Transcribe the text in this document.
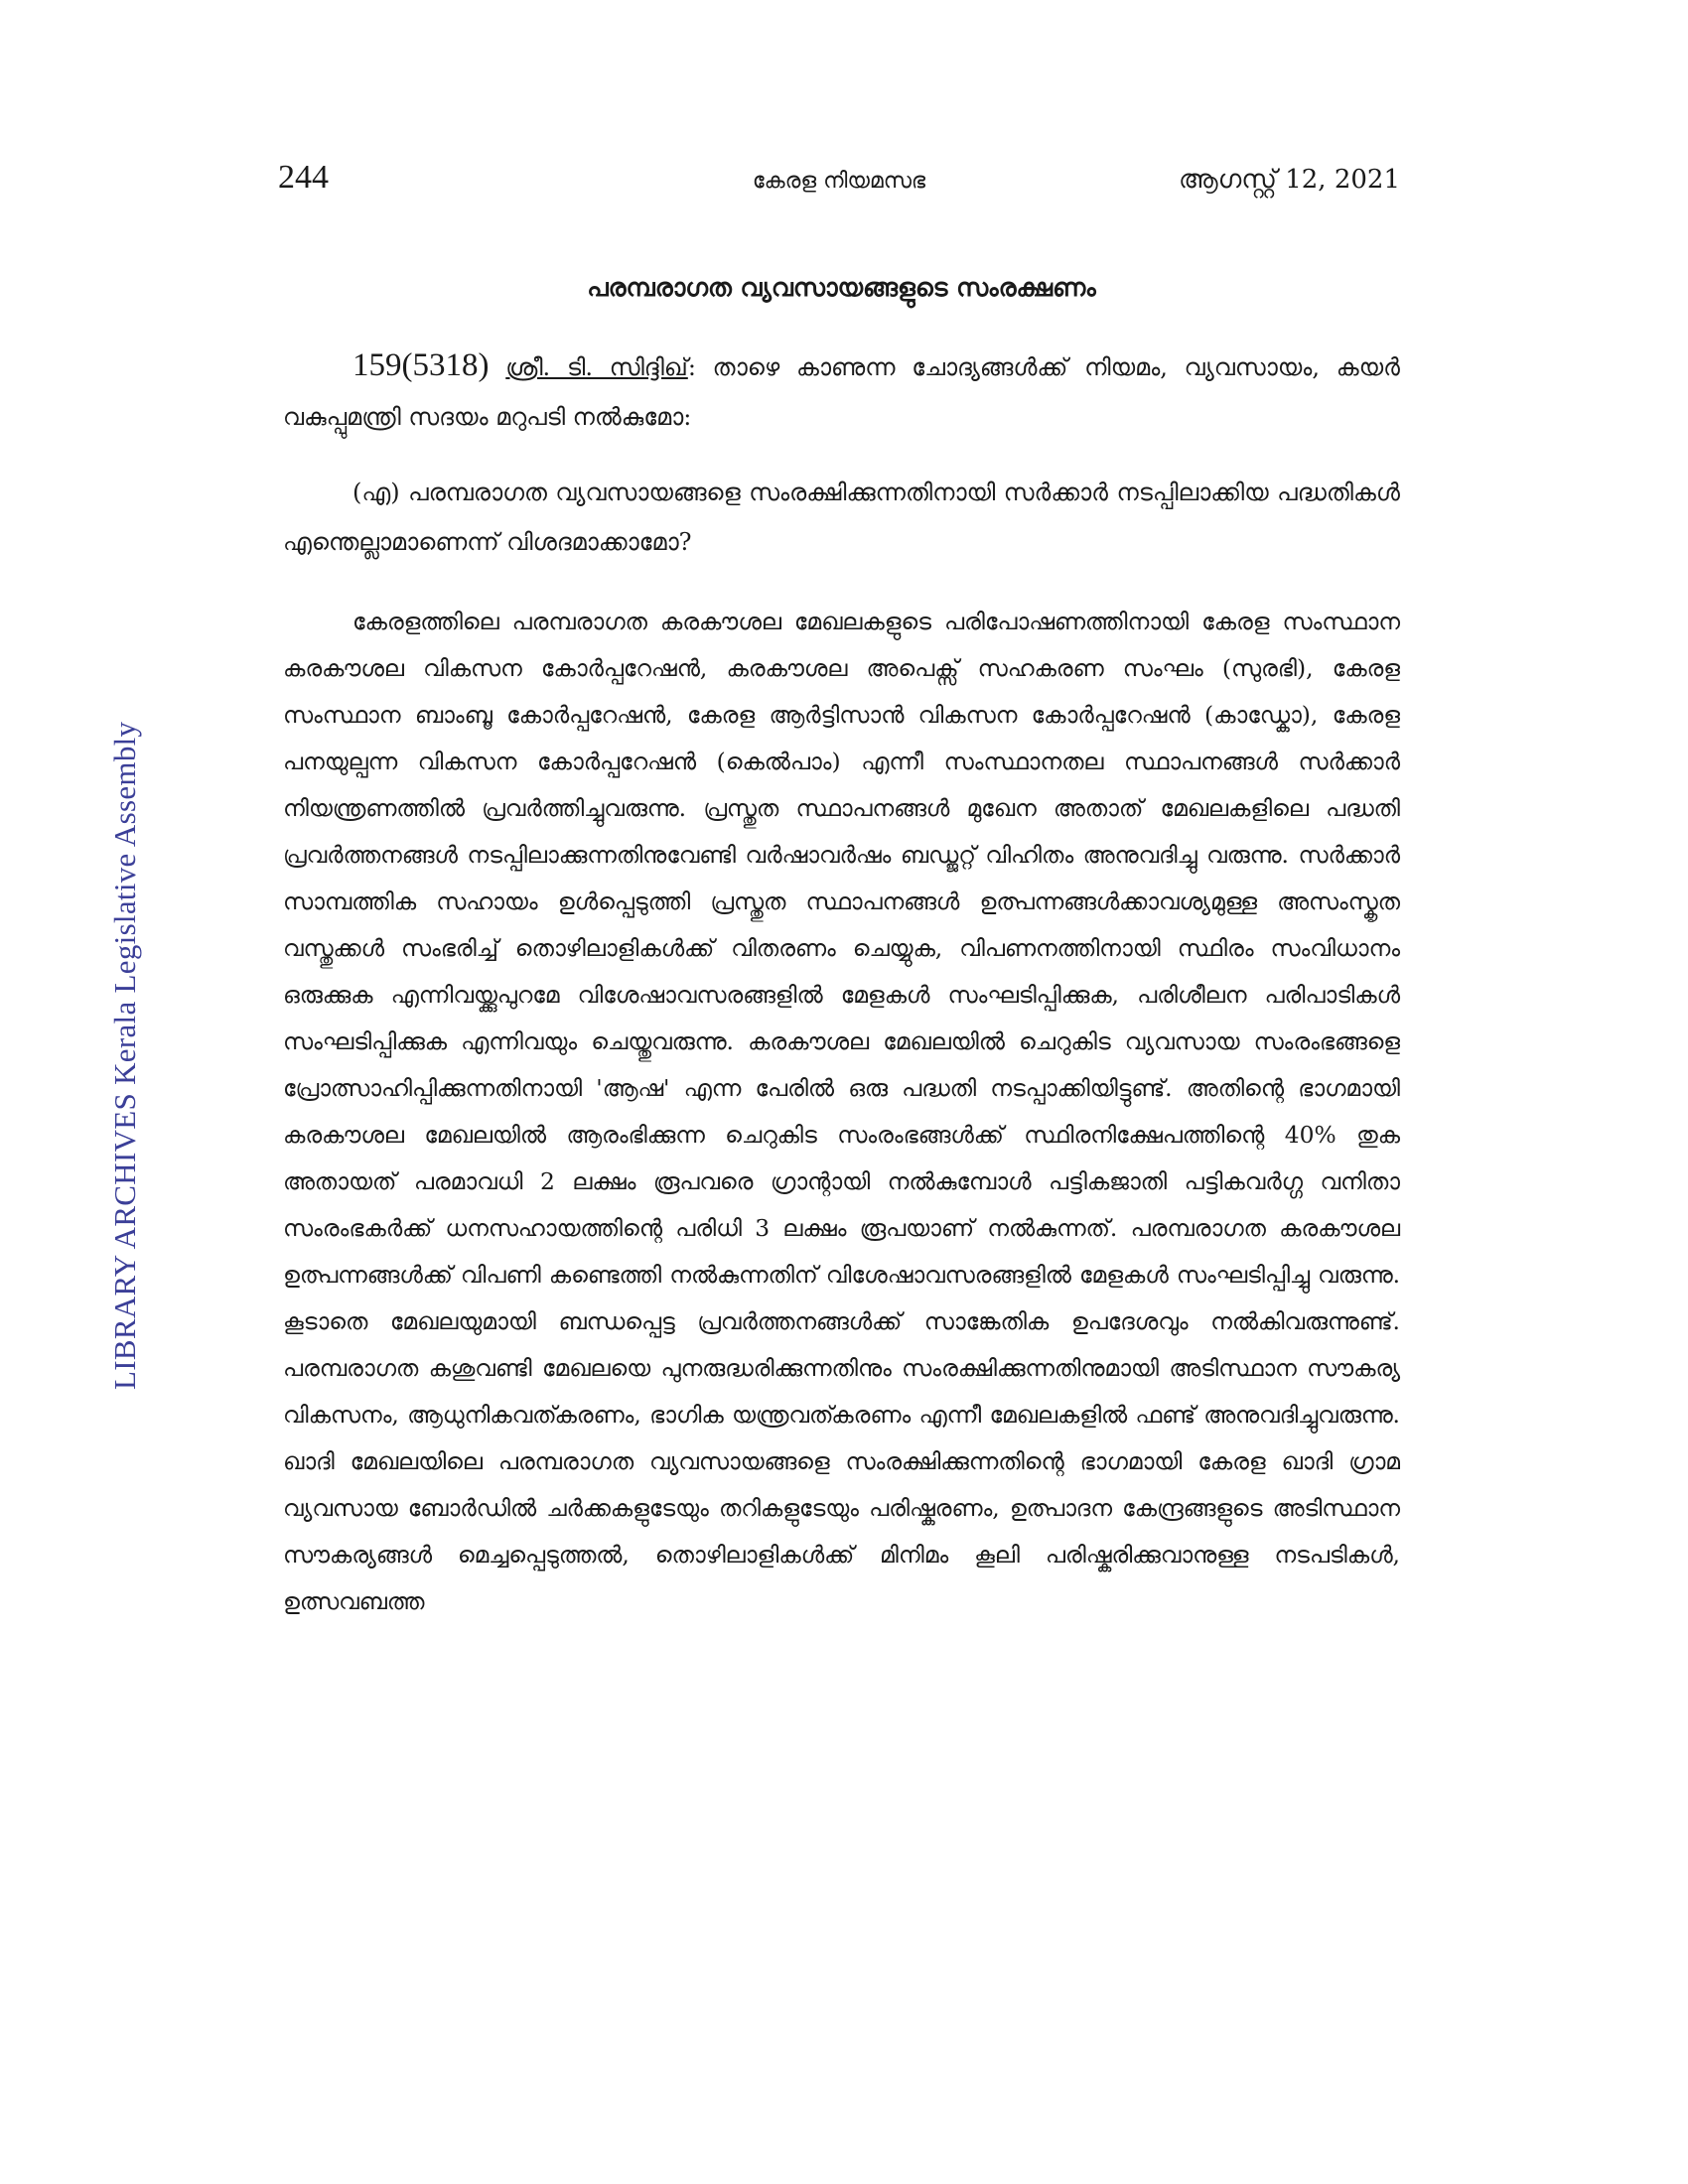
244	കേരള നിയമസഭ	ആഗസ്റ്റ് 12, 2021
LIBRARY ARCHIVES Kerala Legislative Assembly
പരമ്പരാഗത വ്യവസായങ്ങളുടെ സംരക്ഷണം

159(5318) ശ്രീ. ടി. സിദ്ദിഖ്: താഴെ കാണുന്ന ചോദ്യങ്ങൾക്ക് നിയമം, വ്യവസായം, കയർ വകുപ്പുമന്ത്രി സദയം മറുപടി നൽകുമോ:

(എ) പരമ്പരാഗത വ്യവസായങ്ങളെ സംരക്ഷിക്കുന്നതിനായി സർക്കാർ നടപ്പിലാക്കിയ പദ്ധതികൾ എന്തെല്ലാമാണെന്ന് വിശദമാക്കാമോ?

കേരളത്തിലെ പരമ്പരാഗത കരകൗശല മേഖലകളുടെ പരിപോഷണത്തിനായി കേരള സംസ്ഥാന കരകൗശല വികസന കോർപ്പറേഷൻ, കരകൗശല അപെക്സ് സഹകരണ സംഘം (സുരഭി), കേരള സംസ്ഥാന ബാംബൂ കോർപ്പറേഷൻ, കേരള ആർട്ടിസാൻ വികസന കോർപ്പറേഷൻ (കാഡ്കോ), കേരള പനയുല്പന്ന വികസന കോർപ്പറേഷൻ (കെൽപാം) എന്നീ സംസ്ഥാനതല സ്ഥാപനങ്ങൾ സർക്കാർ നിയന്ത്രണത്തിൽ പ്രവർത്തിച്ചുവരുന്നു. പ്രസ്തുത സ്ഥാപനങ്ങൾ മുഖേന അതാത് മേഖലകളിലെ പദ്ധതി പ്രവർത്തനങ്ങൾ നടപ്പിലാക്കുന്നതിനുവേണ്ടി വർഷാവർഷം ബഡ്ജറ്റ് വിഹിതം അനുവദിച്ചു വരുന്നു. സർക്കാർ സാമ്പത്തിക സഹായം ഉൾപ്പെടുത്തി പ്രസ്തുത സ്ഥാപനങ്ങൾ ഉത്പന്നങ്ങൾക്കാവശ്യമുള്ള അസംസ്കൃത വസ്തുക്കൾ സംഭരിച്ച് തൊഴിലാളികൾക്ക് വിതരണം ചെയ്യുക, വിപണനത്തിനായി സ്ഥിരം സംവിധാനം ഒരുക്കുക എന്നിവയ്ക്കുപുറമേ വിശേഷാവസരങ്ങളിൽ മേളകൾ സംഘടിപ്പിക്കുക, പരിശീലന പരിപാടികൾ സംഘടിപ്പിക്കുക എന്നിവയും ചെയ്തുവരുന്നു. കരകൗശല മേഖലയിൽ ചെറുകിട വ്യവസായ സംരംഭങ്ങളെ പ്രോത്സാഹിപ്പിക്കുന്നതിനായി 'ആഷ' എന്ന പേരിൽ ഒരു പദ്ധതി നടപ്പാക്കിയിട്ടുണ്ട്. അതിന്റെ ഭാഗമായി കരകൗശല മേഖലയിൽ ആരംഭിക്കുന്ന ചെറുകിട സംരംഭങ്ങൾക്ക് സ്ഥിരനിക്ഷേപത്തിന്റെ 40% തുക അതായത് പരമാവധി 2 ലക്ഷം രൂപവരെ ഗ്രാന്റായി നൽകുമ്പോൾ പട്ടികജാതി പട്ടികവർഗ്ഗ വനിതാ സംരംഭകർക്ക് ധനസഹായത്തിന്റെ പരിധി 3 ലക്ഷം രൂപയാണ് നൽകുന്നത്. പരമ്പരാഗത കരകൗശല ഉത്പന്നങ്ങൾക്ക് വിപണി കണ്ടെത്തി നൽകുന്നതിന് വിശേഷാവസരങ്ങളിൽ മേളകൾ സംഘടിപ്പിച്ചു വരുന്നു. കൂടാതെ മേഖലയുമായി ബന്ധപ്പെട്ട പ്രവർത്തനങ്ങൾക്ക് സാങ്കേതിക ഉപദേശവും നൽകിവരുന്നുണ്ട്. പരമ്പരാഗത കശുവണ്ടി മേഖലയെ പുനരുദ്ധരിക്കുന്നതിനും സംരക്ഷിക്കുന്നതിനുമായി അടിസ്ഥാന സൗകര്യ വികസനം, ആധുനികവത്കരണം, ഭാഗിക യന്ത്രവത്കരണം എന്നീ മേഖലകളിൽ ഫണ്ട് അനുവദിച്ചുവരുന്നു. ഖാദി മേഖലയിലെ പരമ്പരാഗത വ്യവസായങ്ങളെ സംരക്ഷിക്കുന്നതിന്റെ ഭാഗമായി കേരള ഖാദി ഗ്രാമ വ്യവസായ ബോർഡിൽ ചർക്കകളുടേയും തറികളുടേയും പരിഷ്കരണം, ഉത്പാദന കേന്ദ്രങ്ങളുടെ അടിസ്ഥാന സൗകര്യങ്ങൾ മെച്ചപ്പെടുത്തൽ, തൊഴിലാളികൾക്ക് മിനിമം കൂലി പരിഷ്കരിക്കുവാനുള്ള നടപടികൾ, ഉത്സവബത്ത
